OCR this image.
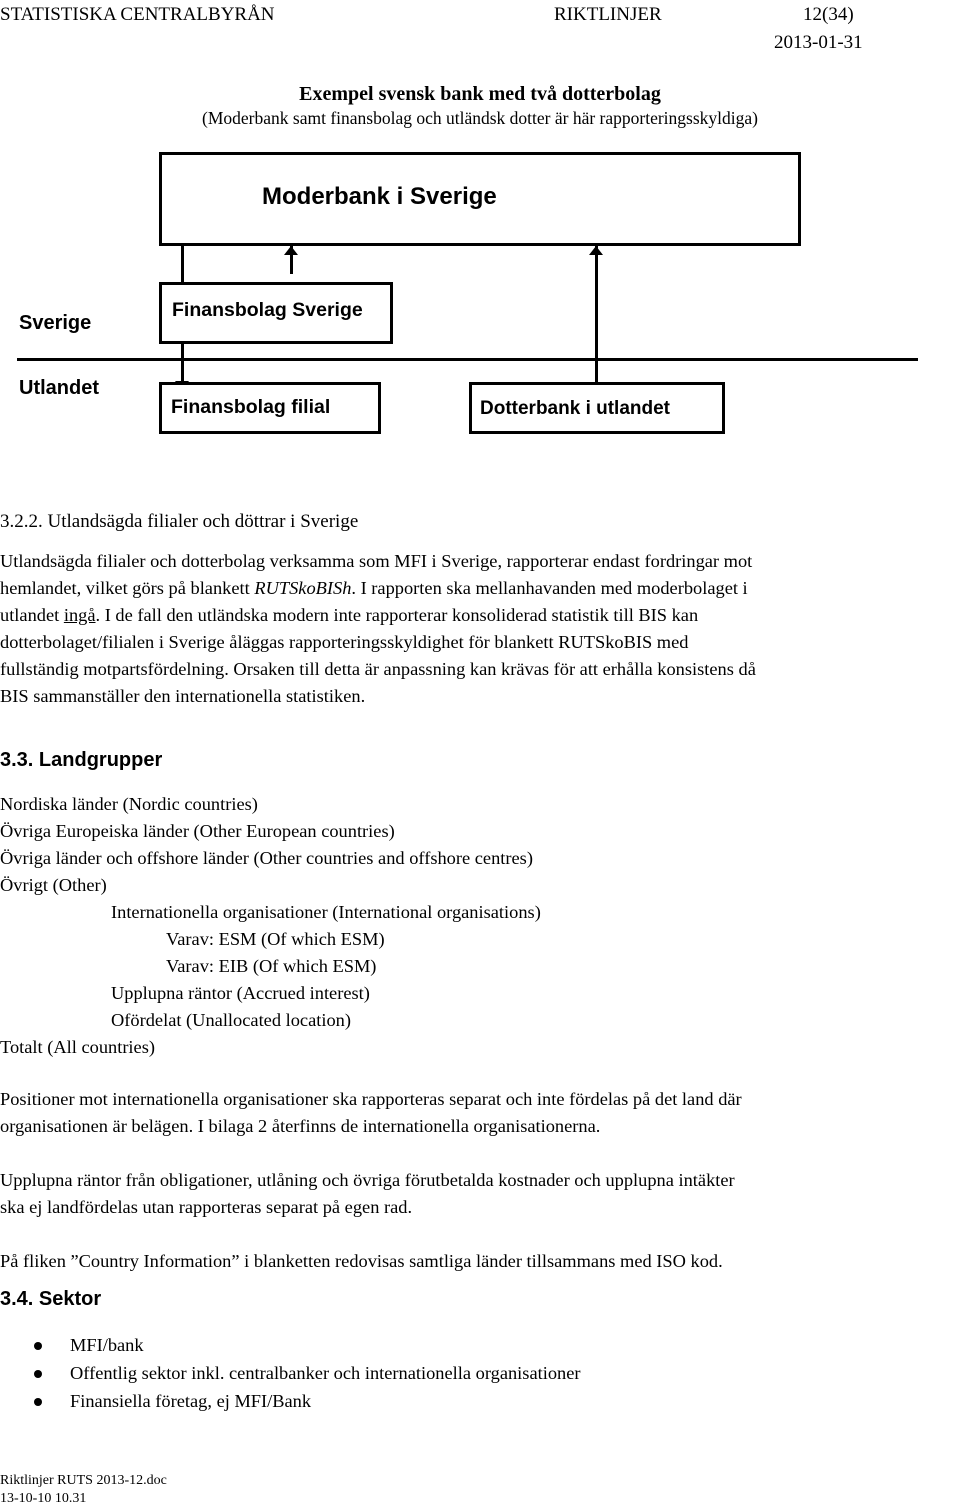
STATISTISKA CENTRALBYRÅN	RIKTLINJER	12(34)
2013-01-31
Exempel svensk bank med två dotterbolag
(Moderbank samt finansbolag och utländsk dotter är här rapporteringsskyldiga)
Moderbank i Sverige
Finansbolag Sverige
Sverige
Utlandet
Finansbolag filial	Dotterbank i utlandet
3.2.2. Utlandsägda filialer och döttrar i Sverige

Utlandsägda filialer och dotterbolag verksamma som MFI i Sverige, rapporterar endast fordringar mot

hemlandet, vilket görs på blankett RUTSkoBISh. I rapporten ska mellanhavanden med moderbolaget i

utlandet ingå. I de fall den utländska modern inte rapporterar konsoliderad statistik till BIS kan

dotterbolaget/filialen i Sverige åläggas rapporteringsskyldighet för blankett RUTSkoBIS med

fullständig motpartsfördelning. Orsaken till detta är anpassning kan krävas för att erhålla konsistens då

BIS sammanställer den internationella statistiken.

3.3. Landgrupper
Nordiska länder (Nordic countries)
Övriga Europeiska länder (Other European countries)
Övriga länder och offshore länder (Other countries and offshore centres)
Övrigt (Other)
Internationella organisationer (International organisations)
Varav: ESM (Of which ESM)
Varav: EIB (Of which ESM)
Upplupna räntor (Accrued interest)
Ofördelat (Unallocated location)
Totalt (All countries)

Positioner mot internationella organisationer ska rapporteras separat och inte fördelas på det land där

organisationen är belägen. I bilaga 2 återfinns de internationella organisationerna.

Upplupna räntor från obligationer, utlåning och övriga förutbetalda kostnader och upplupna intäkter

ska ej landfördelas utan rapporteras separat på egen rad.

På fliken ”Country Information” i blanketten redovisas samtliga länder tillsammans med ISO kod.

3.4. Sektor
MFI/bank
Offentlig sektor inkl. centralbanker och internationella organisationer
Finansiella företag, ej MFI/Bank
Riktlinjer RUTS 2013-12.doc
13-10-10 10.31
